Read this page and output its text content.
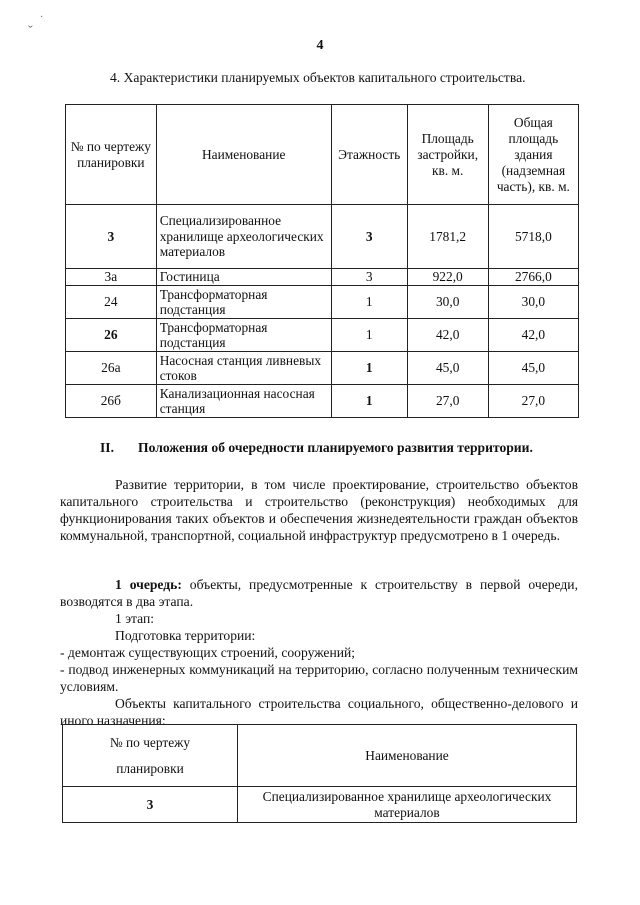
4
4. Характеристики планируемых объектов капитального строительства.
№ по чертежу планировки	Наименование	Этажность	Площадь застройки, кв. м.	Общая площадь здания (надземная часть), кв. м.
3	Специализированное хранилище археологических материалов	3	1781,2	5718,0
3а	Гостиница	3	922,0	2766,0
24	Трансформаторная подстанция	1	30,0	30,0
26	Трансформаторная подстанция	1	42,0	42,0
26а	Насосная станция ливневых стоков	1	45,0	45,0
26б	Канализационная насосная станция	1	27,0	27,0
II. Положения об очередности планируемого развития территории.
Развитие территории, в том числе проектирование, строительство объектов капитального строительства и строительство (реконструкция) необходимых для функционирования таких объектов и обеспечения жизнедеятельности граждан объектов коммунальной, транспортной, социальной инфраструктур предусмотрено в 1 очередь.
1 очередь: объекты, предусмотренные к строительству в первой очереди, возводятся в два этапа.
1 этап:
Подготовка территории:
- демонтаж существующих строений, сооружений;
- подвод инженерных коммуникаций на территорию, согласно полученным техническим условиям.
Объекты капитального строительства социального, общественно-делового и иного назначения:
№ по чертежу
планировки	Наименование
3	Специализированное хранилище археологических материалов
·
ˇ
